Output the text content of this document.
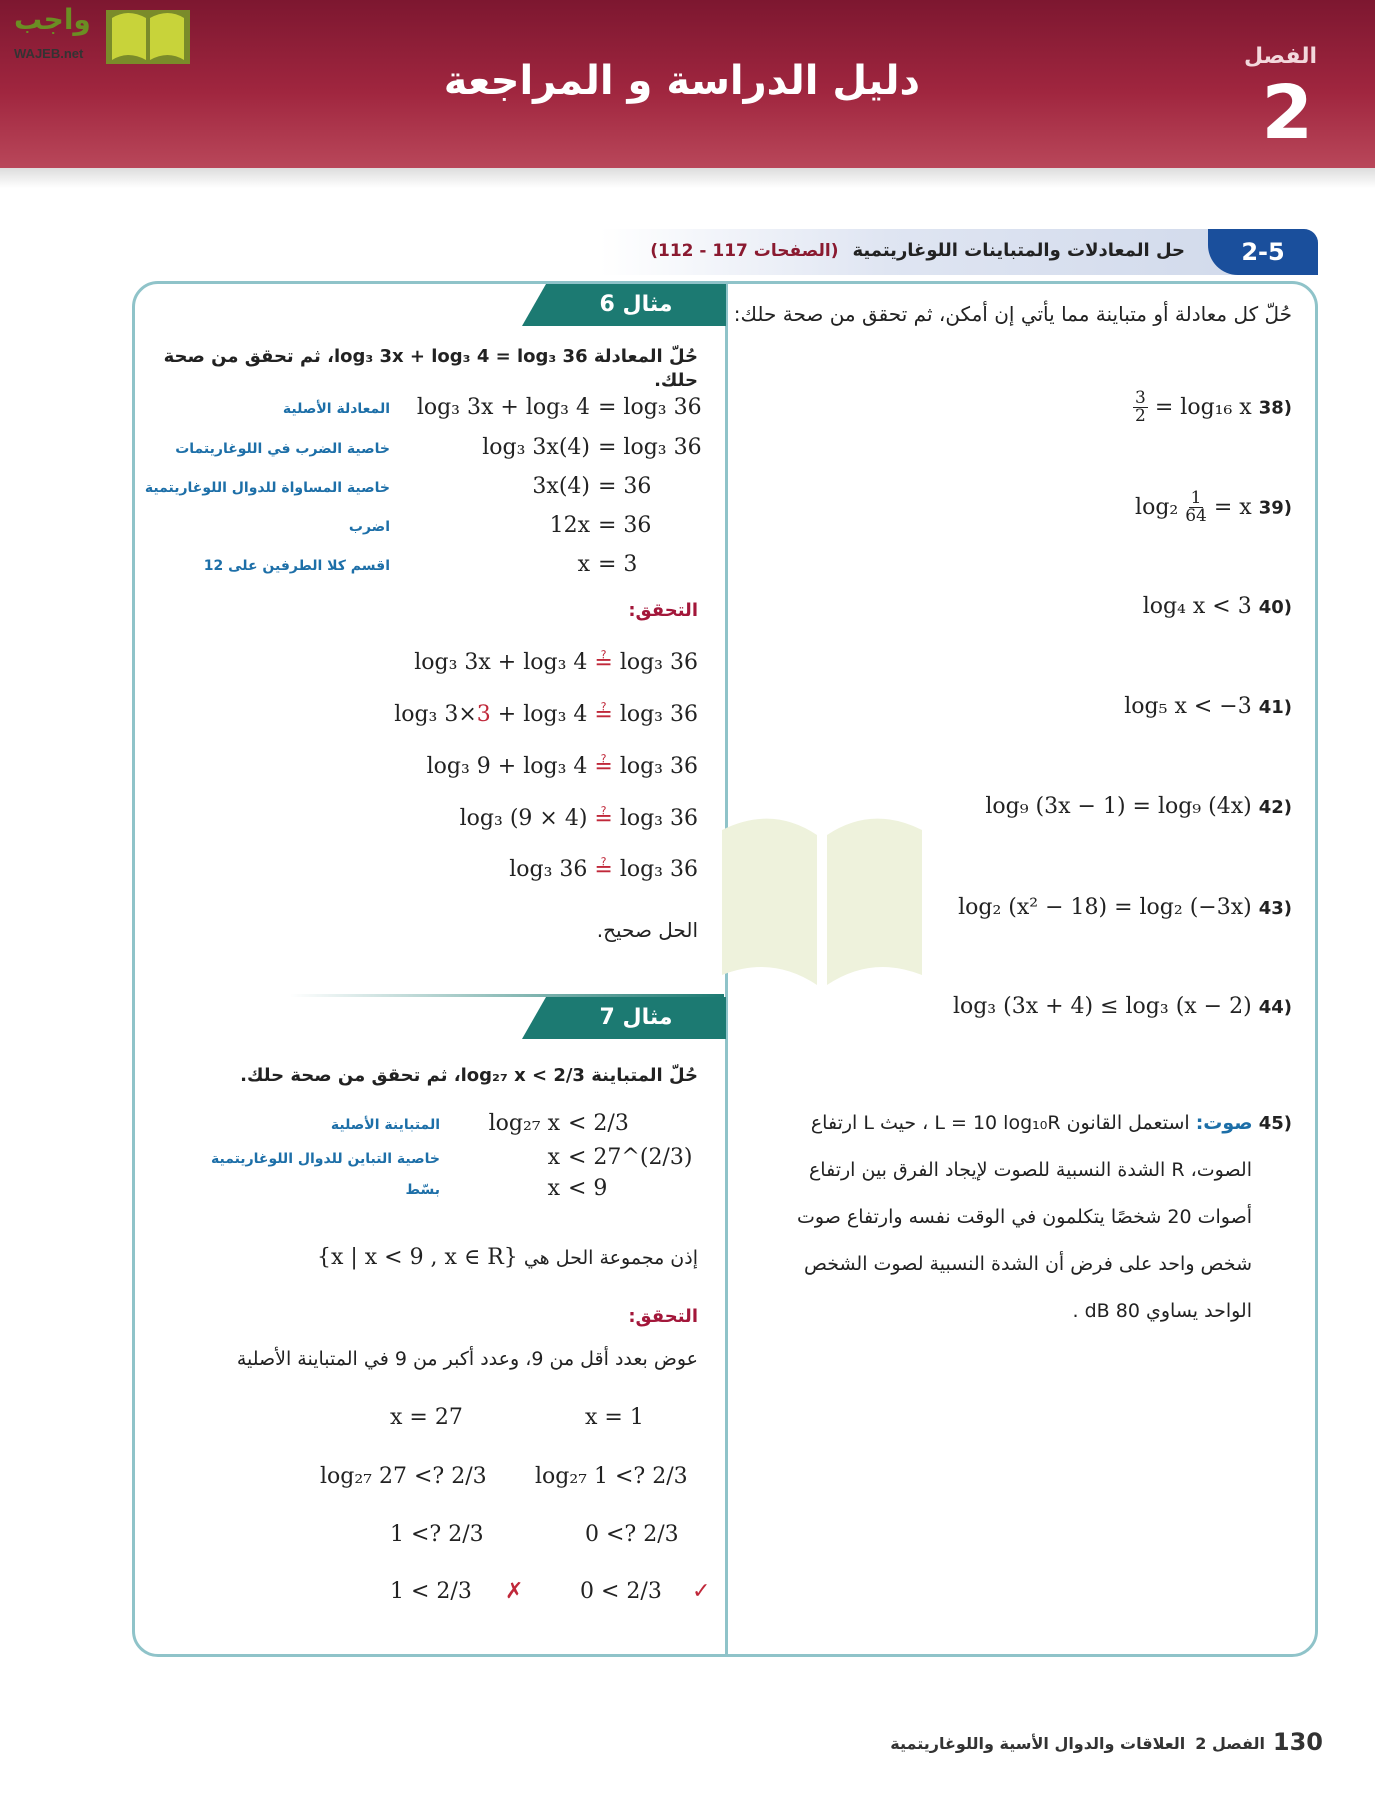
الفصل
2
دليل الدراسة و المراجعة
واجب
WAJEB.net
2-5
حل المعادلات والمتباينات اللوغاريتمية
(الصفحات 117 - 112)
حُلّ كل معادلة أو متباينة مما يأتي إن أمكن، ثم تحقق من صحة حلك:
(38 log₁₆ x =
$\frac{3}{2}$
(39 $\log_2 \frac{1}{64} = x$
(40 log₄ x < 3
(41 log₅ x < −3
(42 log₉ (3x − 1) = log₉ (4x)
(43 log₂ (x² − 18) = log₂ (−3x)
(44 log₃ (3x + 4) ≤ log₃ (x − 2)
(45 صوت: استعمل القانون L = 10 log₁₀R ، حيث L ارتفاع
الصوت، R الشدة النسبية للصوت لإيجاد الفرق بين ارتفاع
أصوات 20 شخصًا يتكلمون في الوقت نفسه وارتفاع صوت
شخص واحد على فرض أن الشدة النسبية لصوت الشخص
الواحد يساوي 80 dB .
مثال 6
حُلّ المعادلة log₃ 3x + log₃ 4 = log₃ 36، ثم تحقق من صحة حلك.
log₃ 3x + log₃ 4 = log₃ 36
المعادلة الأصلية
log₃ 3x(4) = log₃ 36
خاصية الضرب في اللوغاريتمات
3x(4) = 36
خاصية المساواة للدوال اللوغاريتمية
12x = 36
اضرب
x = 3
اقسم كلا الطرفين على 12
التحقق:
log₃ 3x + log₃ 4 ≟ log₃ 36
log₃ 3×3 + log₃ 4 ≟ log₃ 36
log₃ 9 + log₃ 4 ≟ log₃ 36
log₃ (9 × 4) ≟ log₃ 36
log₃ 36 ≟ log₃ 36
الحل صحيح.
مثال 7
حُلّ المتباينة log₂₇ x < 2/3، ثم تحقق من صحة حلك.
log₂₇ x < 2/3
المتباينة الأصلية
x < 27^(2/3)
خاصية التباين للدوال اللوغاريتمية
x < 9
بسّط
إذن مجموعة الحل هي {x | x < 9 , x ∈ R}
التحقق:
عوض بعدد أقل من 9، وعدد أكبر من 9 في المتباينة الأصلية
x = 27
log₂₇ 27 <? 2/3
1 <? 2/3
1 < 2/3 ✗
x = 1
log₂₇ 1 <? 2/3
0 <? 2/3
0 < 2/3 ✓
130
الفصل 2العلاقات والدوال الأسية واللوغاريتمية
